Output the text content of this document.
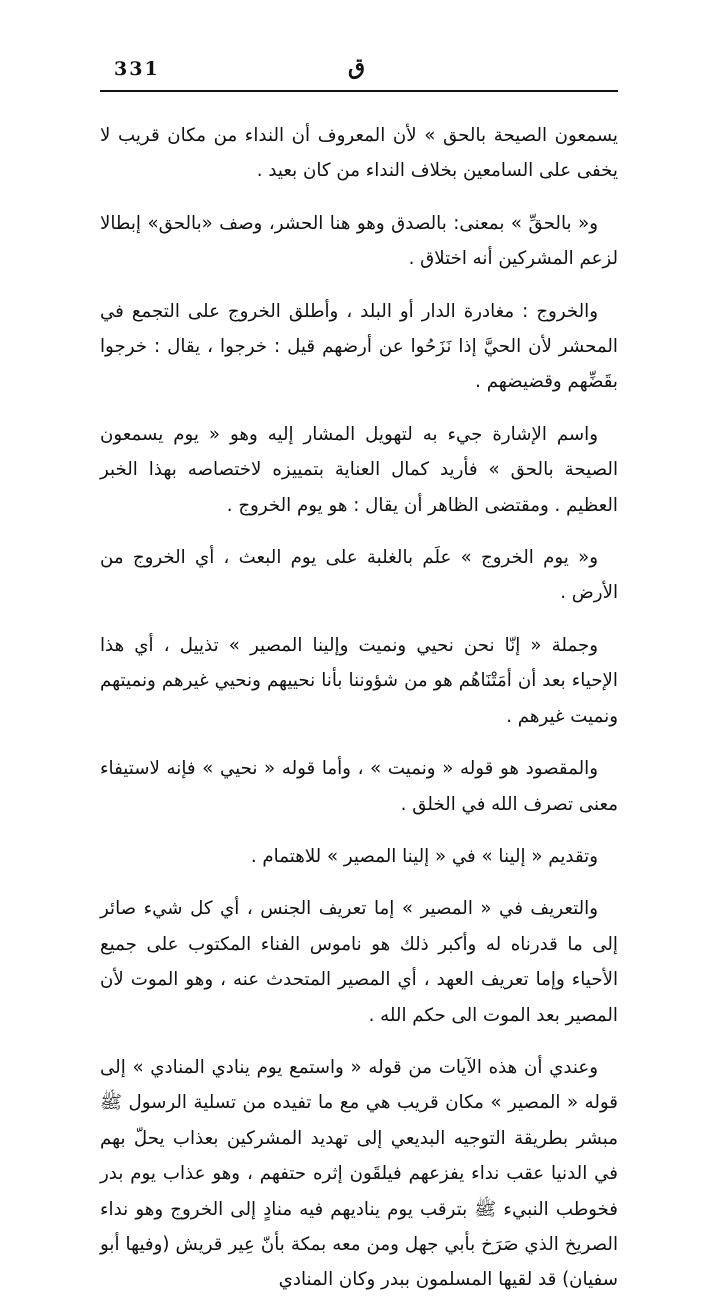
331	ق

يسمعون الصيحة بالحق » لأن المعروف أن النداء من مكان قريب لا يخفى على السامعين بخلاف النداء من كان بعيد .

و« بالحقِّ » بمعنى: بالصدق وهو هنا الحشر، وصف «بالحق» إبطالا لزعم المشركين أنه اختلاق .

والخروج : مغادرة الدار أو البلد ، وأطلق الخروج على التجمع في المحشر لأن الحيَّ إذا نَزَحُوا عن أرضهم قيل : خرجوا ، يقال : خرجوا بقَضِّهم وقضيضهم .

واسم الإشارة جيء به لتهويل المشار إليه وهو « يوم يسمعون الصيحة بالحق » فأريد كمال العناية بتمييزه لاختصاصه بهذا الخبر العظيم . ومقتضى الظاهر أن يقال : هو يوم الخروج .

و« يوم الخروج » علَم بالغلبة على يوم البعث ، أي الخروج من الأرض .

وجملة « إنّا نحن نحيي ونميت وإلينا المصير » تذييل ، أي هذا الإحياء بعد أن أمَتْنَاهُم هو من شؤوننا بأنا نحييهم ونحيي غيرهم ونميتهم ونميت غيرهم .

والمقصود هو قوله « ونميت » ، وأما قوله « نحيي » فإنه لاستيفاء معنى تصرف الله في الخلق .

وتقديم « إلينا » في « إلينا المصير » للاهتمام .

والتعريف في « المصير » إما تعريف الجنس ، أي كل شيء صائر إلى ما قدرناه له وأكبر ذلك هو ناموس الفناء المكتوب على جميع الأحياء وإما تعريف العهد ، أي المصير المتحدث عنه ، وهو الموت لأن المصير بعد الموت الى حكم الله .

وعندي أن هذه الآيات من قوله « واستمع يوم ينادي المنادي » إلى قوله « المصير » مكان قريب هي مع ما تفيده من تسلية الرسول ﷺ مبشر بطريقة التوجيه البديعي إلى تهديد المشركين بعذاب يحلّ بهم في الدنيا عقب نداء يفزعهم فيلقَون إثره حتفهم ، وهو عذاب يوم بدر فخوطب النبيء ﷺ بترقب يوم يناديهم فيه منادٍ إلى الخروج وهو نداء الصريخ الذي صَرَخ بأبي جهل ومن معه بمكة بأنّ عِير قريش (وفيها أبو سفيان) قد لقيها المسلمون ببدر وكان المنادي
